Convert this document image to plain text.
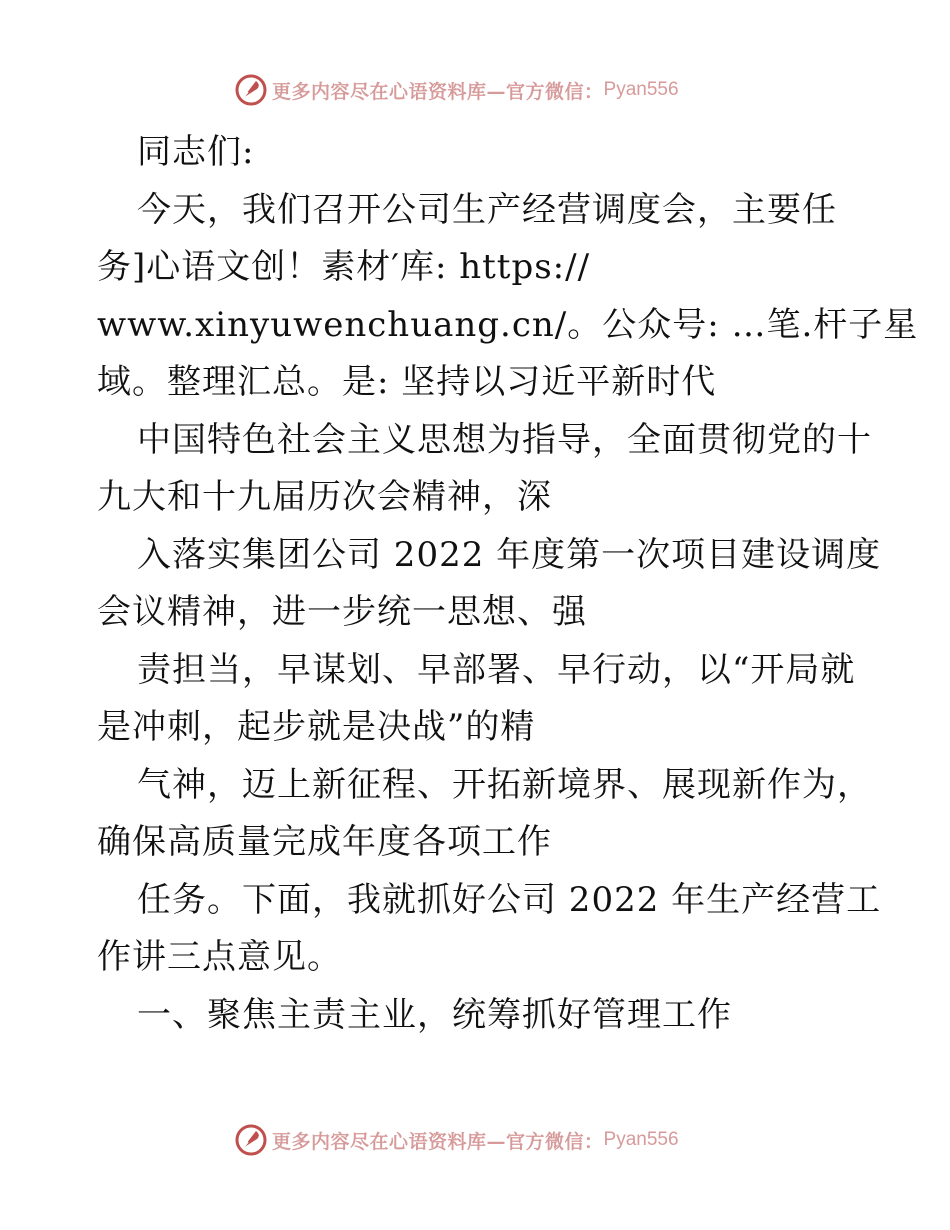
更多内容尽在心语资料库—官方微信： Pyan556
同志们:
今天，我们召开公司生产经营调度会，主要任
务]心语文创！素材′库: https://
www.xinyuwenchuang.cn/。公众号: …笔.杆子星
域。整理汇总。是: 坚持以习近平新时代
中国特色社会主义思想为指导，全面贯彻党的十
九大和十九届历次会精神，深
入落实集团公司 2022 年度第一次项目建设调度
会议精神，进一步统一思想、强
责担当，早谋划、早部署、早行动，以“开局就
是冲刺，起步就是决战”的精
气神，迈上新征程、开拓新境界、展现新作为，
确保高质量完成年度各项工作
任务。下面，我就抓好公司 2022 年生产经营工
作讲三点意见。
一、聚焦主责主业，统筹抓好管理工作
更多内容尽在心语资料库—官方微信： Pyan556
